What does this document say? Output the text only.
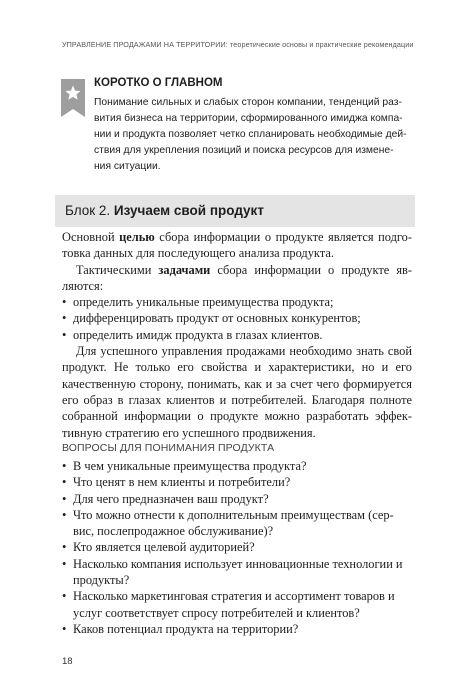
УПРАВЛЕНИЕ ПРОДАЖАМИ НА ТЕРРИТОРИИ: теоретические основы и практические рекомендации
КОРОТКО О ГЛАВНОМ
Понимание сильных и слабых сторон компании, тенденций раз-
вития бизнеса на территории, сформированного имиджа компа-
нии и продукта позволяет четко спланировать необходимые дей-
ствия для укрепления позиций и поиска ресурсов для измене-
ния ситуации.
Блок 2. Изучаем свой продукт

Основной целью сбора информации о продукте является подго-товка данных для последующего анализа продукта.

Тактическими задачами сбора информации о продукте яв-ляются:

• определить уникальные преимущества продукта;
• дифференцировать продукт от основных конкурентов;
• определить имидж продукта в глазах клиентов.

Для успешного управления продажами необходимо знать свой продукт. Не только его свойства и характеристики, но и его качественную сторону, понимать, как и за счет чего формируется его образ в глазах клиентов и потребителей. Благодаря полноте собранной информации о продукте можно разработать эффек-тивную стратегию его успешного продвижения.

ВОПРОСЫ ДЛЯ ПОНИМАНИЯ ПРОДУКТА
• В чем уникальные преимущества продукта?
• Что ценят в нем клиенты и потребители?
• Для чего предназначен ваш продукт?
• Что можно отнести к дополнительным преимуществам (сер-вис, послепродажное обслуживание)?
• Кто является целевой аудиторией?
• Насколько компания использует инновационные технологии и продукты?
• Насколько маркетинговая стратегия и ассортимент товаров и услуг соответствует спросу потребителей и клиентов?
• Каков потенциал продукта на территории?
18
